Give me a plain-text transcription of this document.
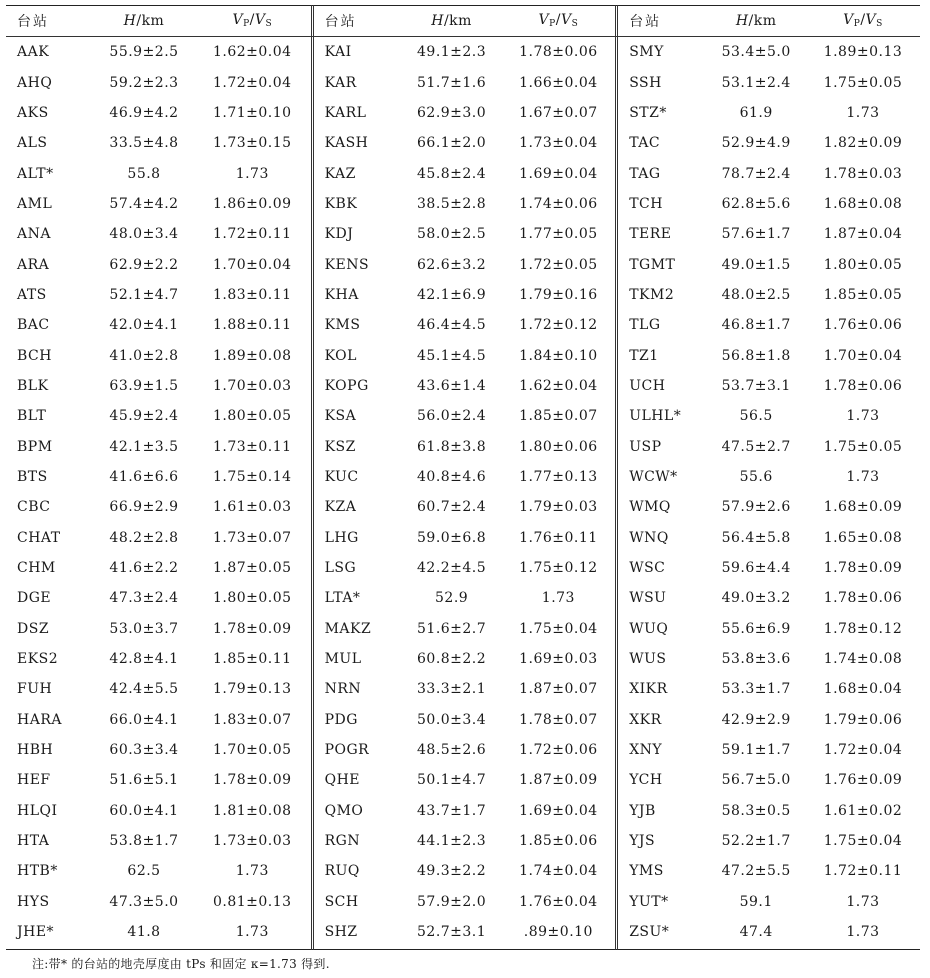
台站	H/km	$V_P/V_S$
AAK	55.9±2.5	1.62±0.04
AHQ	59.2±2.3	1.72±0.04
AKS	46.9±4.2	1.71±0.10
ALS	33.5±4.8	1.73±0.15
ALT*	55.8	1.73
AML	57.4±4.2	1.86±0.09
ANA	48.0±3.4	1.72±0.11
ARA	62.9±2.2	1.70±0.04
ATS	52.1±4.7	1.83±0.11
BAC	42.0±4.1	1.88±0.11
BCH	41.0±2.8	1.89±0.08
BLK	63.9±1.5	1.70±0.03
BLT	45.9±2.4	1.80±0.05
BPM	42.1±3.5	1.73±0.11
BTS	41.6±6.6	1.75±0.14
CBC	66.9±2.9	1.61±0.03
CHAT	48.2±2.8	1.73±0.07
CHM	41.6±2.2	1.87±0.05
DGE	47.3±2.4	1.80±0.05
DSZ	53.0±3.7	1.78±0.09
EKS2	42.8±4.1	1.85±0.11
FUH	42.4±5.5	1.79±0.13
HARA	66.0±4.1	1.83±0.07
HBH	60.3±3.4	1.70±0.05
HEF	51.6±5.1	1.78±0.09
HLQI	60.0±4.1	1.81±0.08
HTA	53.8±1.7	1.73±0.03
HTB*	62.5	1.73
HYS	47.3±5.0	0.81±0.13
JHE*	41.8	1.73
台站	H/km	$V_P/V_S$
KAI	49.1±2.3	1.78±0.06
KAR	51.7±1.6	1.66±0.04
KARL	62.9±3.0	1.67±0.07
KASH	66.1±2.0	1.73±0.04
KAZ	45.8±2.4	1.69±0.04
KBK	38.5±2.8	1.74±0.06
KDJ	58.0±2.5	1.77±0.05
KENS	62.6±3.2	1.72±0.05
KHA	42.1±6.9	1.79±0.16
KMS	46.4±4.5	1.72±0.12
KOL	45.1±4.5	1.84±0.10
KOPG	43.6±1.4	1.62±0.04
KSA	56.0±2.4	1.85±0.07
KSZ	61.8±3.8	1.80±0.06
KUC	40.8±4.6	1.77±0.13
KZA	60.7±2.4	1.79±0.03
LHG	59.0±6.8	1.76±0.11
LSG	42.2±4.5	1.75±0.12
LTA*	52.9	1.73
MAKZ	51.6±2.7	1.75±0.04
MUL	60.8±2.2	1.69±0.03
NRN	33.3±2.1	1.87±0.07
PDG	50.0±3.4	1.78±0.07
POGR	48.5±2.6	1.72±0.06
QHE	50.1±4.7	1.87±0.09
QMO	43.7±1.7	1.69±0.04
RGN	44.1±2.3	1.85±0.06
RUQ	49.3±2.2	1.74±0.04
SCH	57.9±2.0	1.76±0.04
SHZ	52.7±3.1	.89±0.10
台站	H/km	$V_P/V_S$
SMY	53.4±5.0	1.89±0.13
SSH	53.1±2.4	1.75±0.05
STZ*	61.9	1.73
TAC	52.9±4.9	1.82±0.09
TAG	78.7±2.4	1.78±0.03
TCH	62.8±5.6	1.68±0.08
TERE	57.6±1.7	1.87±0.04
TGMT	49.0±1.5	1.80±0.05
TKM2	48.0±2.5	1.85±0.05
TLG	46.8±1.7	1.76±0.06
TZ1	56.8±1.8	1.70±0.04
UCH	53.7±3.1	1.78±0.06
ULHL*	56.5	1.73
USP	47.5±2.7	1.75±0.05
WCW*	55.6	1.73
WMQ	57.9±2.6	1.68±0.09
WNQ	56.4±5.8	1.65±0.08
WSC	59.6±4.4	1.78±0.09
WSU	49.0±3.2	1.78±0.06
WUQ	55.6±6.9	1.78±0.12
WUS	53.8±3.6	1.74±0.08
XIKR	53.3±1.7	1.68±0.04
XKR	42.9±2.9	1.79±0.06
XNY	59.1±1.7	1.72±0.04
YCH	56.7±5.0	1.76±0.09
YJB	58.3±0.5	1.61±0.02
YJS	52.2±1.7	1.75±0.04
YMS	47.2±5.5	1.72±0.11
YUT*	59.1	1.73
ZSU*	47.4	1.73
注:带* 的台站的地壳厚度由 tPs 和固定 κ=1.73 得到.
